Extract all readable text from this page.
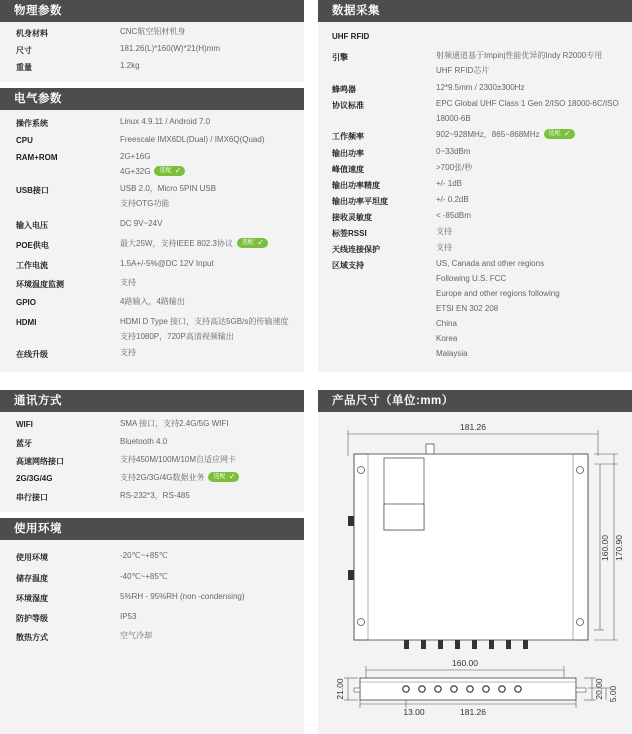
物理参数
机身材料	CNC航空铝材机身
尺寸	181.26(L)*160(W)*21(H)mm
重量	1.2kg
电气参数
操作系统	Linux 4.9.11 / Android 7.0
CPU	Freescale IMX6DL(Dual) / IMX6Q(Quad)
RAM+ROM	2G+16G
4G+32G 选配 ✓
USB接口	USB 2.0，Micro 5PIN USB
支持OTG功能
输入电压	DC 9V~24V
POE供电	最大25W，支持IEEE 802.3协议 选配 ✓
工作电流	1.5A+/-5%@DC 12V Input
环境温度监测	支持
GPIO	4路输入，4路输出
HDMI	HDMI D Type 接口，支持高达5GB/s的传输速度
支持1080P，720P高清视频输出
在线升级	支持
通讯方式
WIFI	SMA 接口，支持2.4G/5G WIFI
蓝牙	Bluetooth 4.0
高速网络接口	支持450M/100M/10M自适应网卡
2G/3G/4G	支持2G/3G/4G数据业务 选配 ✓
串行接口	RS-232*3，RS-485
使用环境
使用环境	-20℃~+85℃
储存温度	-40℃~+85℃
环境湿度	5%RH - 95%RH (non -condensing)
防护等级	IP53
散热方式	空气冷却
数据采集
UHF RFID
引擎	射频通道基于Impinj性能优异的Indy R2000专用
UHF RFID芯片
蜂鸣器	12*9.5mm / 2300±300Hz
协议标准	EPC Global UHF Class 1 Gen 2/ISO 18000-6C/ISO
18000-6B
工作频率	902~928MHz，865~868MHz 选配 ✓
输出功率	0~33dBm
峰值速度	>700张/秒
输出功率精度	+/- 1dB
输出功率平坦度	+/- 0.2dB
接收灵敏度	< -85dBm
标签RSSI	支持
天线连接保护	支持
区域支持	US, Canada and other regions
Following U.S. FCC
Europe and other regions following
ETSI EN 302 208
China
Korea
Malaysia
产品尺寸（单位:mm）
181.26
160.00 170.90
160.00
21.00	20.00 5.00
13.00	181.26
